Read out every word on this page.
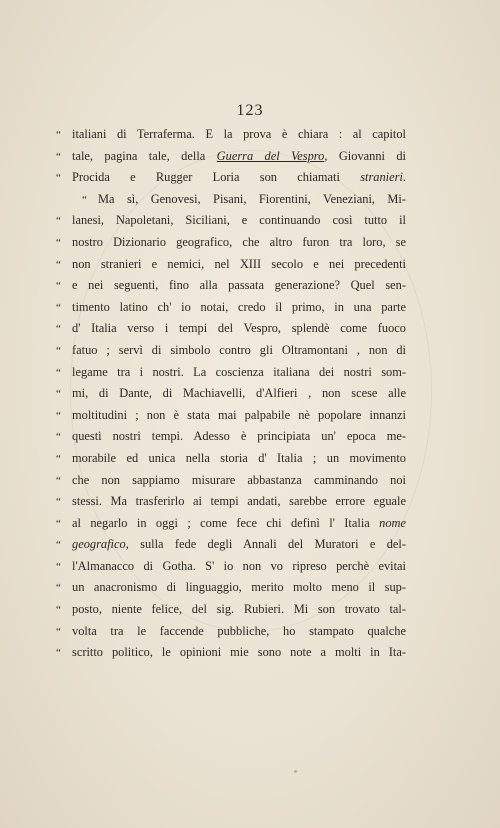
123
“ italiani di Terraferma. E la prova è chiara : al capitol
“ tale, pagina tale, della Guerra del Vespro, Giovanni di
“ Procida e Rugger Loria son chiamati stranieri.
“ Ma sì, Genovesi, Pisani, Fiorentini, Veneziani, Mi-
“ lanesi, Napoletani, Siciliani, e continuando così tutto il
“ nostro Dizionario geografico, che altro furon tra loro, se
“ non stranieri e nemici, nel XIII secolo e nei precedenti
“ e nei seguenti, fino alla passata generazione? Quel sen-
“ timento latino ch' io notai, credo il primo, in una parte
“ d' Italia verso i tempi del Vespro, splendè come fuoco
“ fatuo ; servì di simbolo contro gli Oltramontani , non di
“ legame tra i nostri. La coscienza italiana dei nostri som-
“ mi, di Dante, di Machiavelli, d'Alfieri , non scese alle
“ moltitudini ; non è stata mai palpabile nè popolare innanzi
“ questi nostri tempi. Adesso è principiata un' epoca me-
“ morabile ed unica nella storia d' Italia ; un movimento
“ che non sappiamo misurare abbastanza camminando noi
“ stessi. Ma trasferirlo ai tempi andati, sarebbe errore eguale
“ al negarlo in oggi ; come fece chi definì l' Italia nome
“ geografico, sulla fede degli Annali del Muratori e del-
“ l'Almanacco di Gotha. S' io non vo ripreso perchè evitai
“ un anacronismo di linguaggio, merito molto meno il sup-
“ posto, niente felice, del sig. Rubieri. Mi son trovato tal-
“ volta tra le faccende pubbliche, ho stampato qualche
“ scritto politico, le opinioni mie sono note a molti in Ita-
